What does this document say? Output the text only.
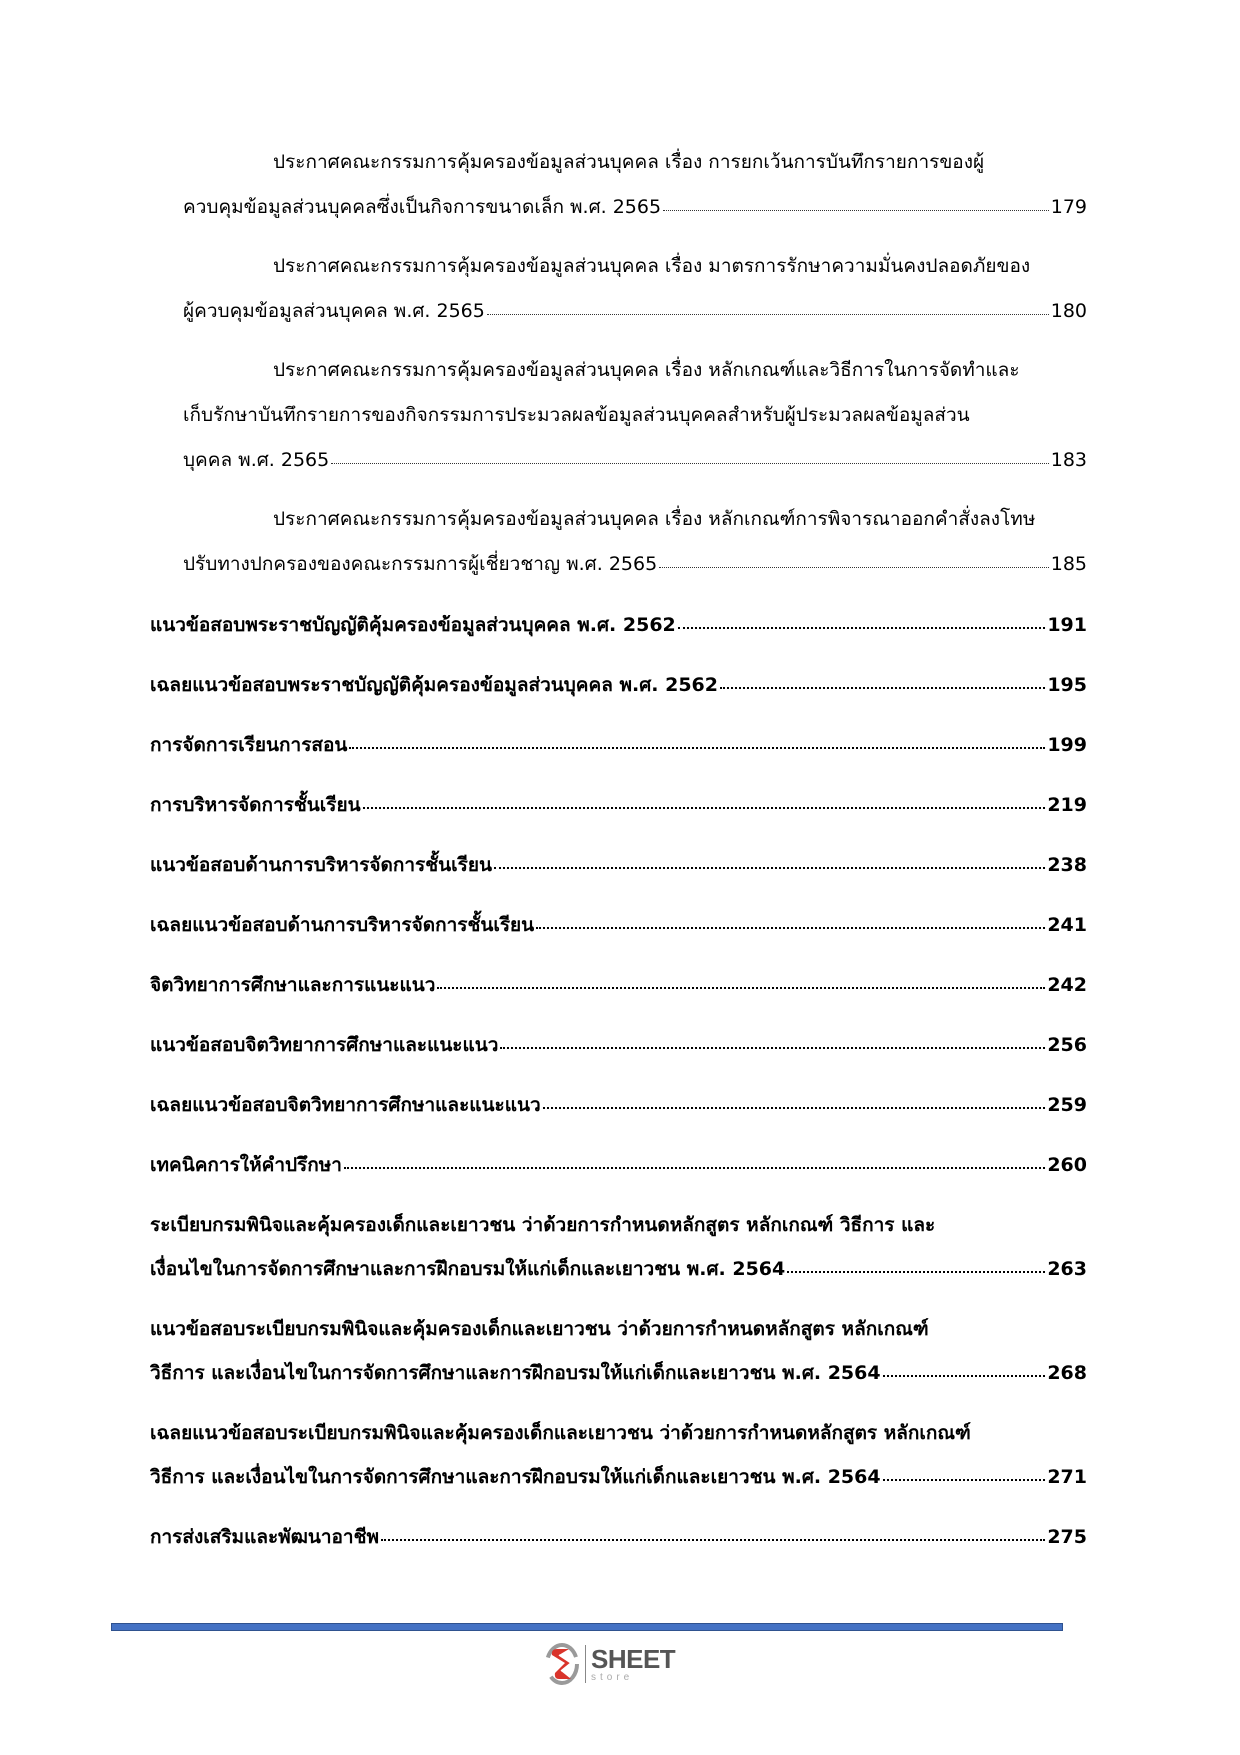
ประกาศคณะกรรมการคุ้มครองข้อมูลส่วนบุคคล เรื่อง การยกเว้นการบันทึกรายการของผู้
ควบคุมข้อมูลส่วนบุคคลซึ่งเป็นกิจการขนาดเล็ก พ.ศ. 2565	179
ประกาศคณะกรรมการคุ้มครองข้อมูลส่วนบุคคล เรื่อง มาตรการรักษาความมั่นคงปลอดภัยของ
ผู้ควบคุมข้อมูลส่วนบุคคล พ.ศ. 2565	180
ประกาศคณะกรรมการคุ้มครองข้อมูลส่วนบุคคล เรื่อง หลักเกณฑ์และวิธีการในการจัดทำและ
เก็บรักษาบันทึกรายการของกิจกรรมการประมวลผลข้อมูลส่วนบุคคลสำหรับผู้ประมวลผลข้อมูลส่วน
บุคคล พ.ศ. 2565	183
ประกาศคณะกรรมการคุ้มครองข้อมูลส่วนบุคคล เรื่อง หลักเกณฑ์การพิจารณาออกคำสั่งลงโทษ
ปรับทางปกครองของคณะกรรมการผู้เชี่ยวชาญ พ.ศ. 2565	185
แนวข้อสอบพระราชบัญญัติคุ้มครองข้อมูลส่วนบุคคล พ.ศ. 2562	191
เฉลยแนวข้อสอบพระราชบัญญัติคุ้มครองข้อมูลส่วนบุคคล พ.ศ. 2562	195
การจัดการเรียนการสอน	199
การบริหารจัดการชั้นเรียน	219
แนวข้อสอบด้านการบริหารจัดการชั้นเรียน	238
เฉลยแนวข้อสอบด้านการบริหารจัดการชั้นเรียน	241
จิตวิทยาการศึกษาและการแนะแนว	242
แนวข้อสอบจิตวิทยาการศึกษาและแนะแนว	256
เฉลยแนวข้อสอบจิตวิทยาการศึกษาและแนะแนว	259
เทคนิคการให้คำปรึกษา	260
ระเบียบกรมพินิจและคุ้มครองเด็กและเยาวชน ว่าด้วยการกำหนดหลักสูตร หลักเกณฑ์ วิธีการ และ
เงื่อนไขในการจัดการศึกษาและการฝึกอบรมให้แก่เด็กและเยาวชน พ.ศ. 2564	263
แนวข้อสอบระเบียบกรมพินิจและคุ้มครองเด็กและเยาวชน ว่าด้วยการกำหนดหลักสูตร หลักเกณฑ์
วิธีการ และเงื่อนไขในการจัดการศึกษาและการฝึกอบรมให้แก่เด็กและเยาวชน พ.ศ. 2564	268
เฉลยแนวข้อสอบระเบียบกรมพินิจและคุ้มครองเด็กและเยาวชน ว่าด้วยการกำหนดหลักสูตร หลักเกณฑ์
วิธีการ และเงื่อนไขในการจัดการศึกษาและการฝึกอบรมให้แก่เด็กและเยาวชน พ.ศ. 2564	271
การส่งเสริมและพัฒนาอาชีพ	275
SHEET
store
